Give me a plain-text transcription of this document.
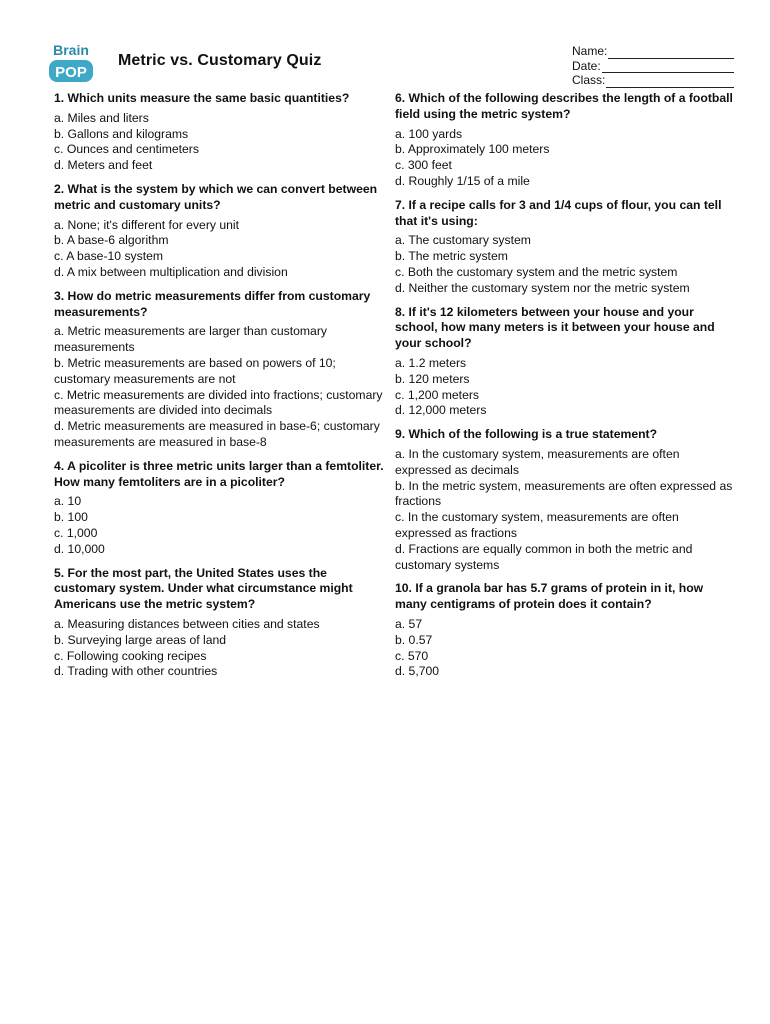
Brain
POP
Metric vs. Customary Quiz
Name:
Date:
Class:
1. Which units measure the same basic quantities?
a. Miles and liters
b. Gallons and kilograms
c. Ounces and centimeters
d. Meters and feet
2. What is the system by which we can convert between metric and customary units?
a. None; it's different for every unit
b. A base-6 algorithm
c. A base-10 system
d. A mix between multiplication and division
3. How do metric measurements differ from customary measurements?
a. Metric measurements are larger than customary measurements
b. Metric measurements are based on powers of 10; customary measurements are not
c. Metric measurements are divided into fractions; customary measurements are divided into decimals
d. Metric measurements are measured in base-6; customary measurements are measured in base-8
4. A picoliter is three metric units larger than a femtoliter. How many femtoliters are in a picoliter?
a. 10
b. 100
c. 1,000
d. 10,000
5. For the most part, the United States uses the customary system. Under what circumstance might Americans use the metric system?
a. Measuring distances between cities and states
b. Surveying large areas of land
c. Following cooking recipes
d. Trading with other countries
6. Which of the following describes the length of a football field using the metric system?
a. 100 yards
b. Approximately 100 meters
c. 300 feet
d. Roughly 1/15 of a mile
7. If a recipe calls for 3 and 1/4 cups of flour, you can tell that it's using:
a. The customary system
b. The metric system
c. Both the customary system and the metric system
d. Neither the customary system nor the metric system
8. If it's 12 kilometers between your house and your school, how many meters is it between your house and your school?
a. 1.2 meters
b. 120 meters
c. 1,200 meters
d. 12,000 meters
9. Which of the following is a true statement?
a. In the customary system, measurements are often expressed as decimals
b. In the metric system, measurements are often expressed as fractions
c. In the customary system, measurements are often expressed as fractions
d. Fractions are equally common in both the metric and customary systems
10. If a granola bar has 5.7 grams of protein in it, how many centigrams of protein does it contain?
a. 57
b. 0.57
c. 570
d. 5,700
